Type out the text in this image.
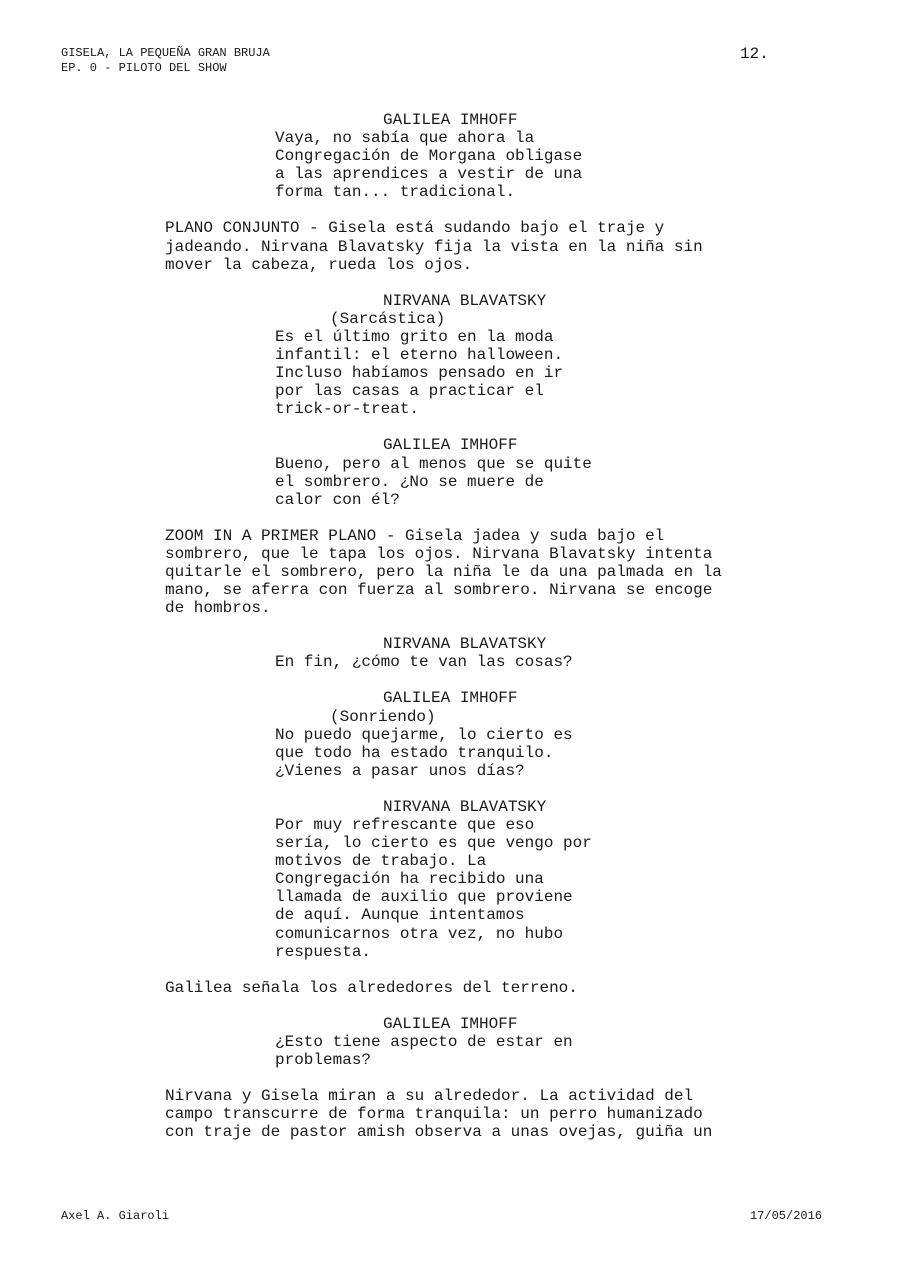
GISELA, LA PEQUEÑA GRAN BRUJA
EP. 0 - PILOTO DEL SHOW
12.
GALILEA IMHOFF
Vaya, no sabía que ahora la
Congregación de Morgana obligase
a las aprendices a vestir de una
forma tan... tradicional.
PLANO CONJUNTO - Gisela está sudando bajo el traje y
jadeando. Nirvana Blavatsky fija la vista en la niña sin
mover la cabeza, rueda los ojos.
NIRVANA BLAVATSKY
(Sarcástica)
Es el último grito en la moda
infantil: el eterno halloween.
Incluso habíamos pensado en ir
por las casas a practicar el
trick-or-treat.
GALILEA IMHOFF
Bueno, pero al menos que se quite
el sombrero. ¿No se muere de
calor con él?
ZOOM IN A PRIMER PLANO - Gisela jadea y suda bajo el
sombrero, que le tapa los ojos. Nirvana Blavatsky intenta
quitarle el sombrero, pero la niña le da una palmada en la
mano, se aferra con fuerza al sombrero. Nirvana se encoge
de hombros.
NIRVANA BLAVATSKY
En fin, ¿cómo te van las cosas?
GALILEA IMHOFF
(Sonriendo)
No puedo quejarme, lo cierto es
que todo ha estado tranquilo.
¿Vienes a pasar unos días?
NIRVANA BLAVATSKY
Por muy refrescante que eso
sería, lo cierto es que vengo por
motivos de trabajo. La
Congregación ha recibido una
llamada de auxilio que proviene
de aquí. Aunque intentamos
comunicarnos otra vez, no hubo
respuesta.
Galilea señala los alrededores del terreno.
GALILEA IMHOFF
¿Esto tiene aspecto de estar en
problemas?
Nirvana y Gisela miran a su alrededor. La actividad del
campo transcurre de forma tranquila: un perro humanizado
con traje de pastor amish observa a unas ovejas, guiña un
Axel A. Giaroli	17/05/2016
